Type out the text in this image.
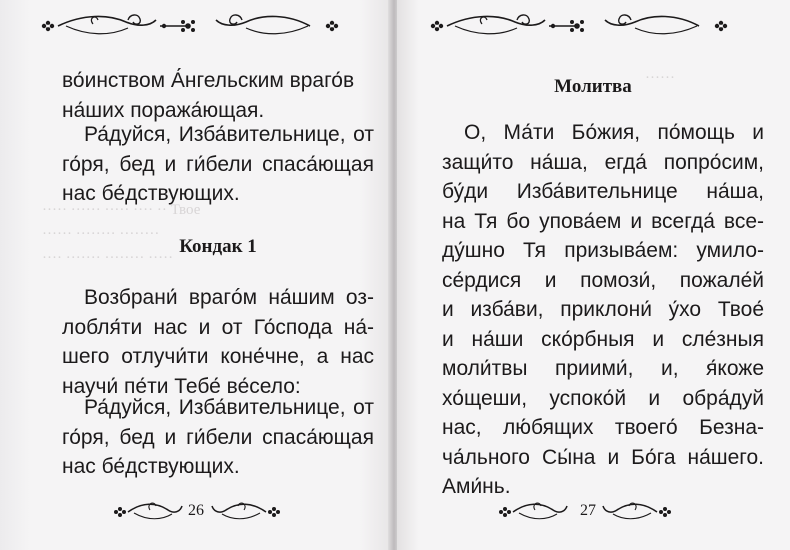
····· ······ ····· ···· ·· Твое
······ ········ ········
···· ······· ········ ·····
во́инством А́нгельским враго́в
на́ших поража́ющая.
Ра́дуйся, Изба́вительнице, от
го́ря, бед и ги́бели спаса́ющая
нас бе́дствующих.
Кондак 1
Возбрани́ врагóм на́шим оз-
лобля́ти нас и от Го́спода на́-
шего отлучи́ти коне́чне, а нас
научи́ пе́ти Тебе́ ве́село:
Ра́дуйся, Изба́вительнице, от
го́ря, бед и ги́бели спаса́ющая
нас бе́дствующих.
26
······
Молитва
О, Ма́ти Бо́жия, по́мощь и
защи́то на́ша, егда́ попро́сим,
бу́ди Изба́вительнице на́ша,
на Тя бо упова́ем и всегда́ все-
ду́шно Тя призыва́ем: умило-
се́рдися и помози́, пожале́й
и изба́ви, приклони́ у́хо Твое́
и на́ши ско́рбныя и сле́зныя
моли́твы приими́, и, я́коже
хо́щеши, успоко́й и обра́дуй
нас, лю́бящих твоего́ Безна-
ча́льного Сы́на и Бо́га на́шего.
Ами́нь.
27
